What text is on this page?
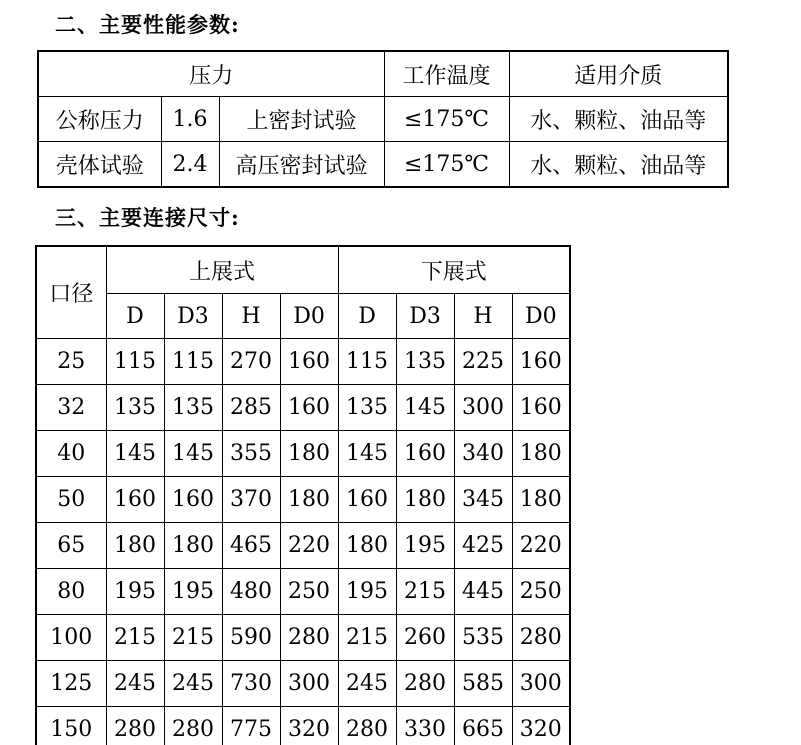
二、主要性能参数:
压力			工作温度	适用介质
公称压力	1.6	上密封试验	≤175℃	水、颗粒、油品等
壳体试验	2.4	高压密封试验	≤175℃	水、颗粒、油品等
三、主要连接尺寸:
口径	上展式				下展式			
	D	D3	H	D0	D	D3	H	D0
25	115	115	270	160	115	135	225	160
32	135	135	285	160	135	145	300	160
40	145	145	355	180	145	160	340	180
50	160	160	370	180	160	180	345	180
65	180	180	465	220	180	195	425	220
80	195	195	480	250	195	215	445	250
100	215	215	590	280	215	260	535	280
125	245	245	730	300	245	280	585	300
150	280	280	775	320	280	330	665	320
